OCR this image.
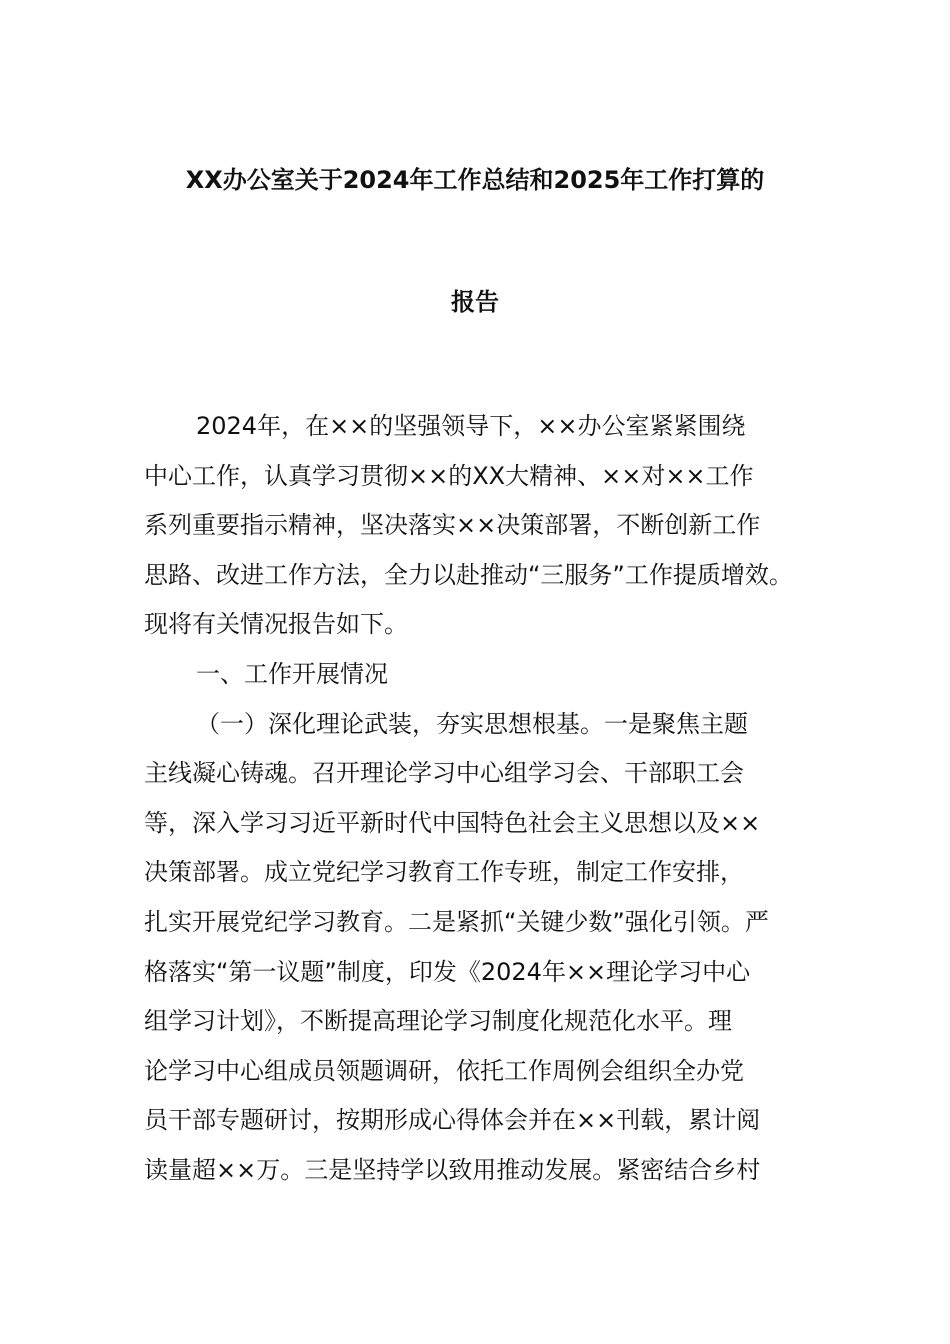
XX办公室关于2024年工作总结和2025年工作打算的
报告
2024年，在××的坚强领导下，××办公室紧紧围绕
中心工作，认真学习贯彻××的XX大精神、××对××工作
系列重要指示精神，坚决落实××决策部署，不断创新工作
思路、改进工作方法，全力以赴推动“三服务”工作提质增效。
现将有关情况报告如下。
一、工作开展情况
（一）深化理论武装，夯实思想根基。一是聚焦主题
主线凝心铸魂。召开理论学习中心组学习会、干部职工会
等，深入学习习近平新时代中国特色社会主义思想以及××
决策部署。成立党纪学习教育工作专班，制定工作安排，
扎实开展党纪学习教育。二是紧抓“关键少数”强化引领。严
格落实“第一议题”制度，印发《2024年××理论学习中心
组学习计划》，不断提高理论学习制度化规范化水平。理
论学习中心组成员领题调研，依托工作周例会组织全办党
员干部专题研讨，按期形成心得体会并在××刊载，累计阅
读量超××万。三是坚持学以致用推动发展。紧密结合乡村
